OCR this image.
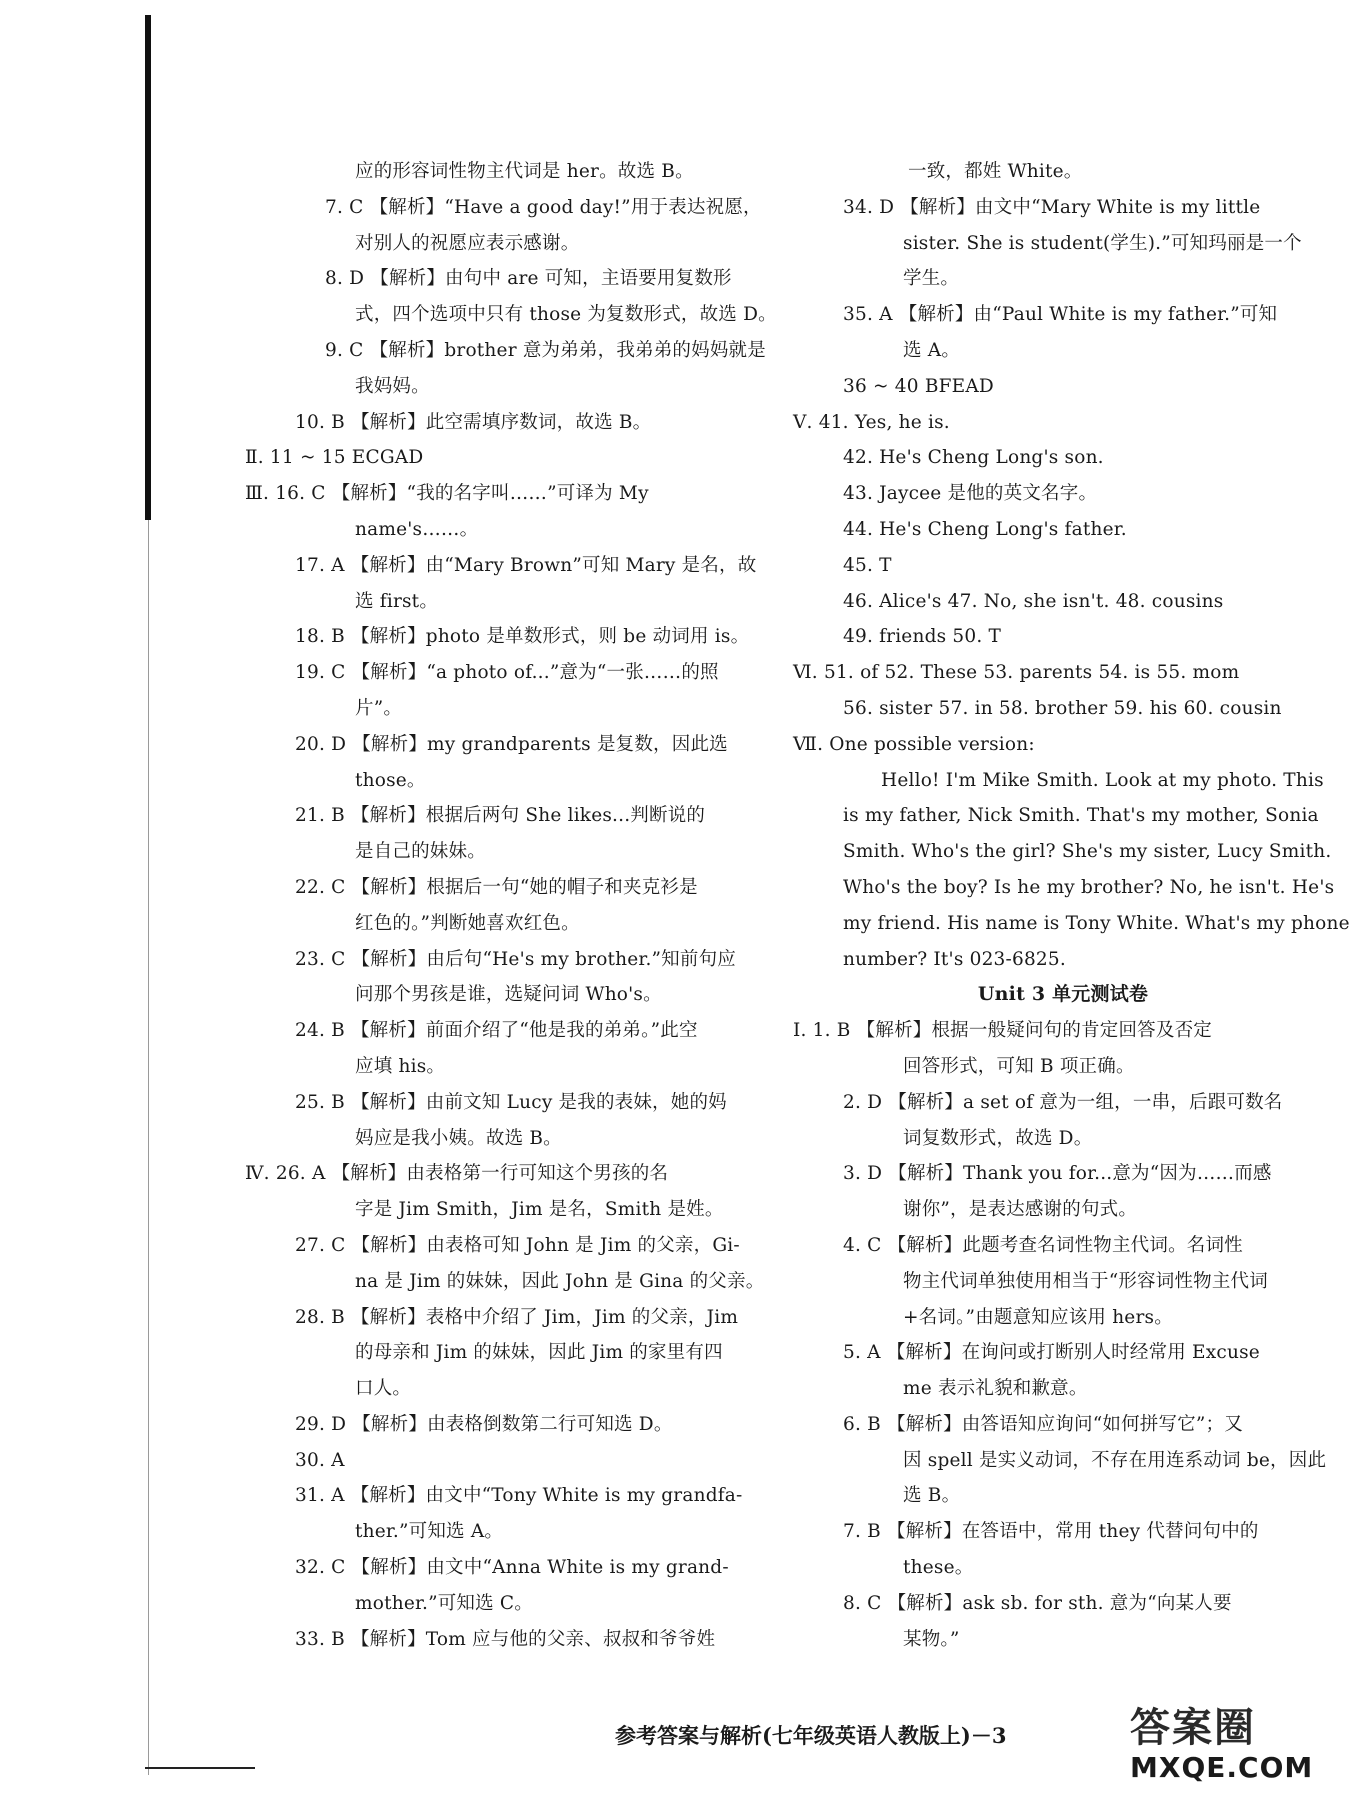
应的形容词性物主代词是 her。故选 B。
7. C 【解析】“Have a good day!”用于表达祝愿，
对别人的祝愿应表示感谢。
8. D 【解析】由句中 are 可知，主语要用复数形
式，四个选项中只有 those 为复数形式，故选 D。
9. C 【解析】brother 意为弟弟，我弟弟的妈妈就是
我妈妈。
10. B 【解析】此空需填序数词，故选 B。
Ⅱ. 11 ~ 15 ECGAD
Ⅲ. 16. C 【解析】“我的名字叫……”可译为 My
name's……。
17. A 【解析】由“Mary Brown”可知 Mary 是名，故
选 first。
18. B 【解析】photo 是单数形式，则 be 动词用 is。
19. C 【解析】“a photo of...”意为“一张……的照
片”。
20. D 【解析】my grandparents 是复数，因此选
those。
21. B 【解析】根据后两句 She likes...判断说的
是自己的妹妹。
22. C 【解析】根据后一句“她的帽子和夹克衫是
红色的。”判断她喜欢红色。
23. C 【解析】由后句“He's my brother.”知前句应
问那个男孩是谁，选疑问词 Who's。
24. B 【解析】前面介绍了“他是我的弟弟。”此空
应填 his。
25. B 【解析】由前文知 Lucy 是我的表妹，她的妈
妈应是我小姨。故选 B。
Ⅳ. 26. A 【解析】由表格第一行可知这个男孩的名
字是 Jim Smith，Jim 是名，Smith 是姓。
27. C 【解析】由表格可知 John 是 Jim 的父亲，Gi-
na 是 Jim 的妹妹，因此 John 是 Gina 的父亲。
28. B 【解析】表格中介绍了 Jim，Jim 的父亲，Jim
的母亲和 Jim 的妹妹，因此 Jim 的家里有四
口人。
29. D 【解析】由表格倒数第二行可知选 D。
30. A
31. A 【解析】由文中“Tony White is my grandfa-
ther.”可知选 A。
32. C 【解析】由文中“Anna White is my grand-
mother.”可知选 C。
33. B 【解析】Tom 应与他的父亲、叔叔和爷爷姓
一致，都姓 White。
34. D 【解析】由文中“Mary White is my little
sister. She is student(学生).”可知玛丽是一个
学生。
35. A 【解析】由“Paul White is my father.”可知
选 A。
36 ~ 40 BFEAD
Ⅴ. 41. Yes, he is.
42. He's Cheng Long's son.
43. Jaycee 是他的英文名字。
44. He's Cheng Long's father.
45. T
46. Alice's 47. No, she isn't. 48. cousins
49. friends 50. T
Ⅵ. 51. of 52. These 53. parents 54. is 55. mom
56. sister 57. in 58. brother 59. his 60. cousin
Ⅶ. One possible version:
Hello! I'm Mike Smith. Look at my photo. This
is my father, Nick Smith. That's my mother, Sonia
Smith. Who's the girl? She's my sister, Lucy Smith.
Who's the boy? Is he my brother? No, he isn't. He's
my friend. His name is Tony White. What's my phone
number? It's 023-6825.
Unit 3 单元测试卷
Ⅰ. 1. B 【解析】根据一般疑问句的肯定回答及否定
回答形式，可知 B 项正确。
2. D 【解析】a set of 意为一组，一串，后跟可数名
词复数形式，故选 D。
3. D 【解析】Thank you for...意为“因为……而感
谢你”，是表达感谢的句式。
4. C 【解析】此题考查名词性物主代词。名词性
物主代词单独使用相当于“形容词性物主代词
+名词。”由题意知应该用 hers。
5. A 【解析】在询问或打断别人时经常用 Excuse
me 表示礼貌和歉意。
6. B 【解析】由答语知应询问“如何拼写它”；又
因 spell 是实义动词，不存在用连系动词 be，因此
选 B。
7. B 【解析】在答语中，常用 they 代替问句中的
these。
8. C 【解析】ask sb. for sth. 意为“向某人要
某物。”
参考答案与解析(七年级英语人教版上)－3	答案圈
MXQE.COM
